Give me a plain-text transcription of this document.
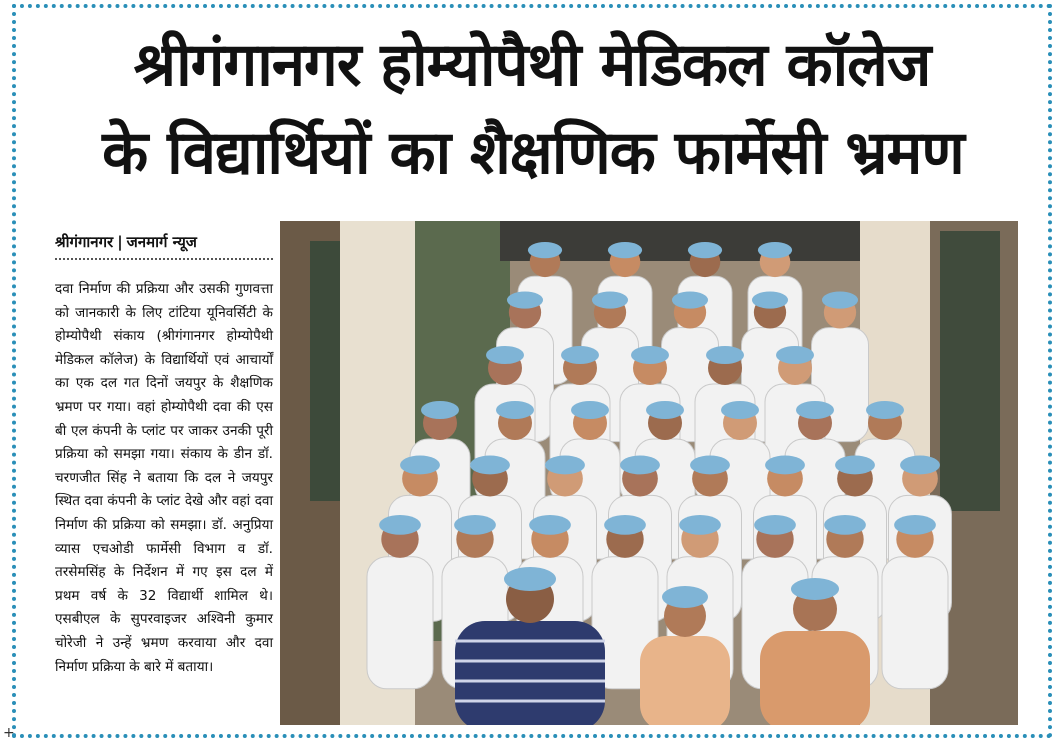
श्रीगंगानगर होम्योपैथी मेडिकल कॉलेज
के विद्यार्थियों का शैक्षणिक फार्मेसी भ्रमण
श्रीगंगानगर | जनमार्ग न्यूज
दवा निर्माण की प्रक्रिया और उसकी गुणवत्ता को जानकारी के लिए टांटिया यूनिवर्सिटी के होम्योपैथी संकाय (श्रीगंगानगर होम्योपैथी मेडिकल कॉलेज) के विद्यार्थियों एवं आचार्यों का एक दल गत दिनों जयपुर के शैक्षणिक भ्रमण पर गया। वहां होम्योपैथी दवा की एस बी एल कंपनी के प्लांट पर जाकर उनकी पूरी प्रक्रिया को समझा गया। संकाय के डीन डॉ. चरणजीत सिंह ने बताया कि दल ने जयपुर स्थित दवा कंपनी के प्लांट देखे और वहां दवा निर्माण की प्रक्रिया को समझा। डॉ. अनुप्रिया व्यास एचओडी फार्मेसी विभाग व डॉ. तरसेमसिंह के निर्देशन में गए इस दल में प्रथम वर्ष के 32 विद्यार्थी शामिल थे। एसबीएल के सुपरवाइजर अश्विनी कुमार चोरेजी ने उन्हें भ्रमण करवाया और दवा निर्माण प्रक्रिया के बारे में बताया।
+
